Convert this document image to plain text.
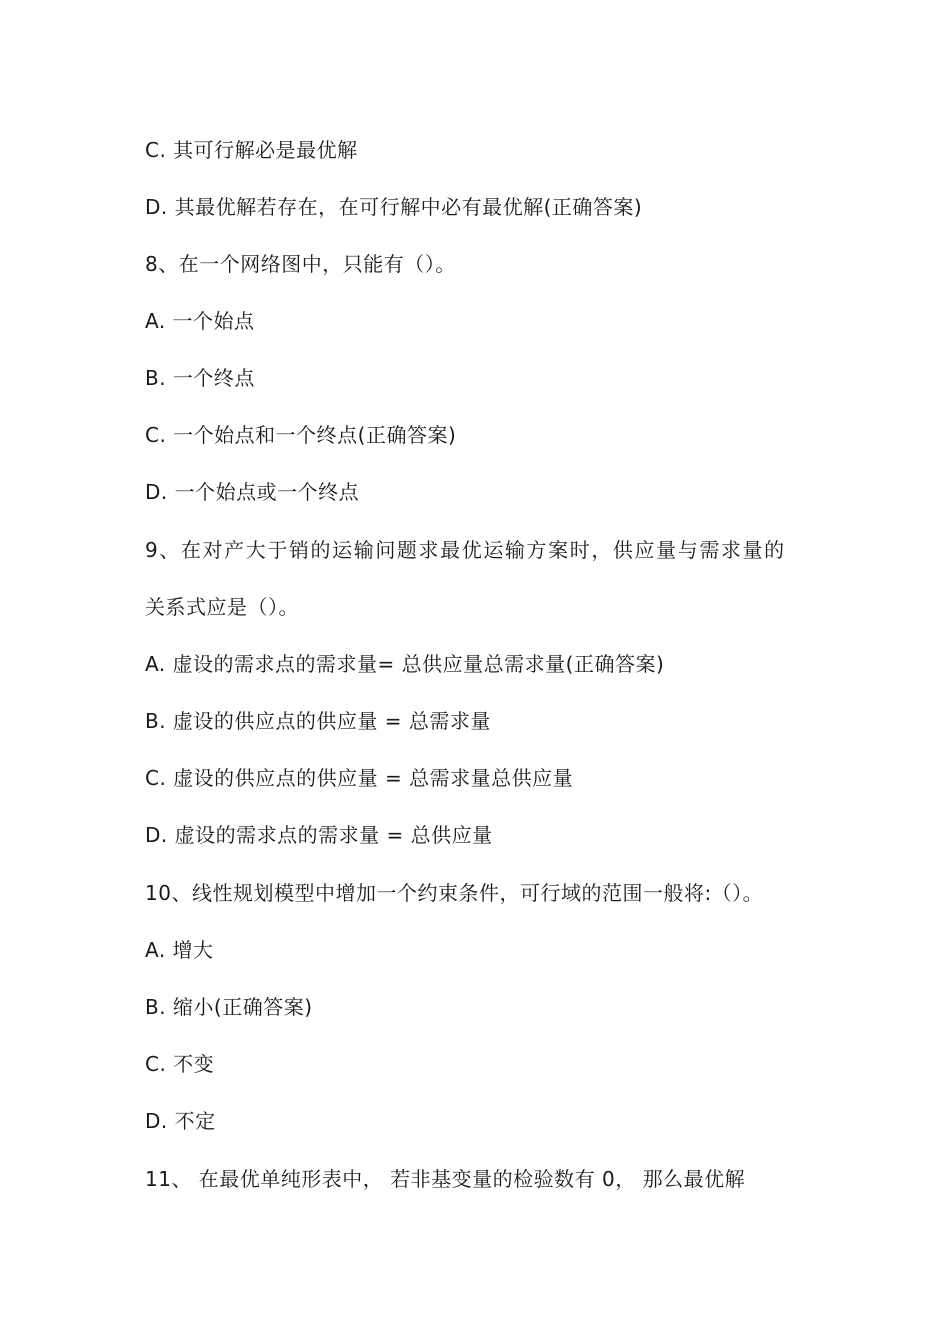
C. 其可行解必是最优解
D. 其最优解若存在，在可行解中必有最优解(正确答案)
8、在一个网络图中，只能有（）。
A. 一个始点
B. 一个终点
C. 一个始点和一个终点(正确答案)
D. 一个始点或一个终点
9、在对产大于销的运输问题求最优运输方案时，供应量与需求量的
关系式应是（）。
A. 虚设的需求点的需求量= 总供应量总需求量(正确答案)
B. 虚设的供应点的供应量 = 总需求量
C. 虚设的供应点的供应量 = 总需求量总供应量
D. 虚设的需求点的需求量 = 总供应量
10、线性规划模型中增加一个约束条件，可行域的范围一般将:（）。
A. 增大
B. 缩小(正确答案)
C. 不变
D. 不定
11、 在最优单纯形表中， 若非基变量的检验数有 0， 那么最优解
